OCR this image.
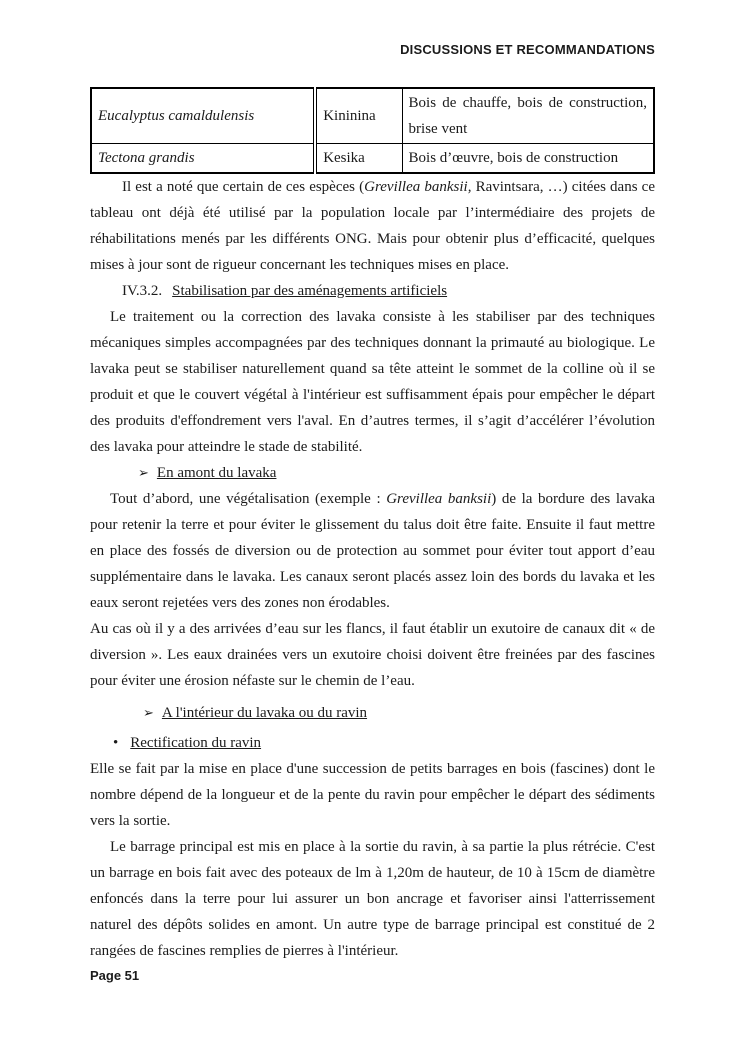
DISCUSSIONS ET RECOMMANDATIONS
Eucalyptus camaldulensis	Kininina	Bois de chauffe, bois de construction, brise vent
Tectona grandis	Kesika	Bois d’œuvre, bois de construction

Il est a noté que certain de ces espèces (Grevillea banksii, Ravintsara, …) citées dans ce tableau ont déjà été utilisé par la population locale par l’intermédiaire des projets de réhabilitations menés par les différents ONG. Mais pour obtenir plus d’efficacité, quelques mises à jour sont de rigueur concernant les techniques mises en place.

IV.3.2. Stabilisation par des aménagements artificiels

Le traitement ou la correction des lavaka consiste à les stabiliser par des techniques mécaniques simples accompagnées par des techniques donnant la primauté au biologique. Le lavaka peut se stabiliser naturellement quand sa tête atteint le sommet de la colline où il se produit et que le couvert végétal à l'intérieur est suffisamment épais pour empêcher le départ des produits d'effondrement vers l'aval. En d’autres termes, il s’agit d’accélérer l’évolution des lavaka pour atteindre le stade de stabilité.

➢ En amont du lavaka

Tout d’abord, une végétalisation (exemple : Grevillea banksii) de la bordure des lavaka pour retenir la terre et pour éviter le glissement du talus doit être faite. Ensuite il faut mettre en place des fossés de diversion ou de protection au sommet pour éviter tout apport d’eau supplémentaire dans le lavaka. Les canaux seront placés assez loin des bords du lavaka et les eaux seront rejetées vers des zones non érodables.

Au cas où il y a des arrivées d’eau sur les flancs, il faut établir un exutoire de canaux dit « de diversion ». Les eaux drainées vers un exutoire choisi doivent être freinées par des fascines pour éviter une érosion néfaste sur le chemin de l’eau.

➢ A l'intérieur du lavaka ou du ravin
• Rectification du ravin

Elle se fait par la mise en place d'une succession de petits barrages en bois (fascines) dont le nombre dépend de la longueur et de la pente du ravin pour empêcher le départ des sédiments vers la sortie.

Le barrage principal est mis en place à la sortie du ravin, à sa partie la plus rétrécie. C'est un barrage en bois fait avec des poteaux de lm à 1,20m de hauteur, de 10 à 15cm de diamètre enfoncés dans la terre pour lui assurer un bon ancrage et favoriser ainsi l'atterrissement naturel des dépôts solides en amont. Un autre type de barrage principal est constitué de 2 rangées de fascines remplies de pierres à l'intérieur.

Page 51
